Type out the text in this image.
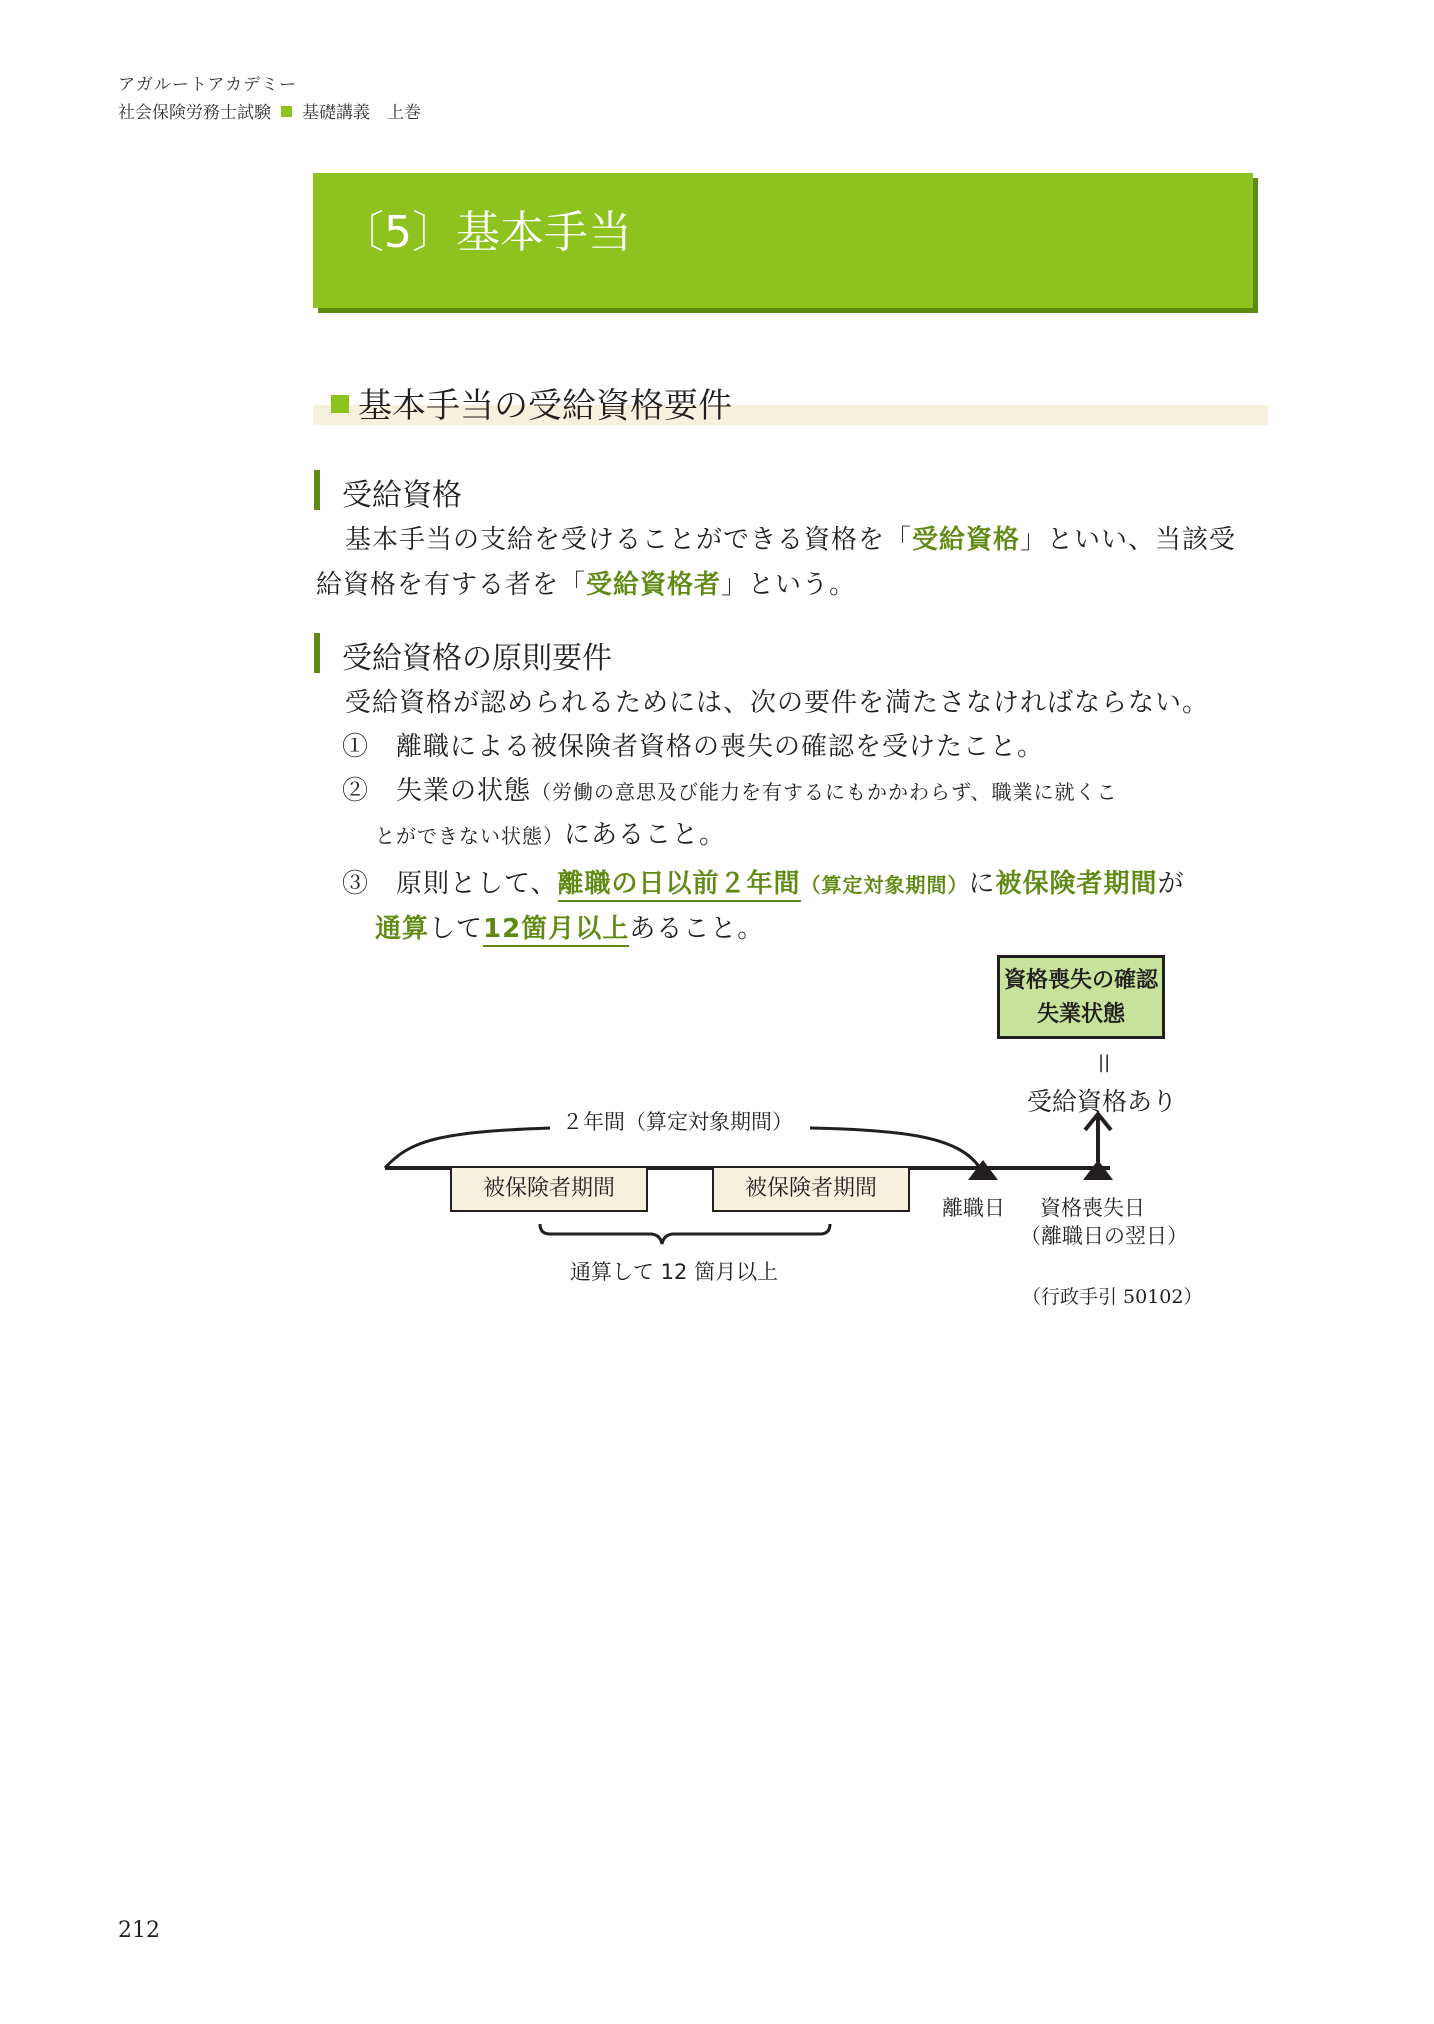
アガルートアカデミー
社会保険労務士試験 基礎講義　上巻
〔5〕基本手当
基本手当の受給資格要件
受給資格
基本手当の支給を受けることができる資格を「受給資格」といい、当該受
給資格を有する者を「受給資格者」という。
受給資格の原則要件
受給資格が認められるためには、次の要件を満たさなければならない。
①　 離職による被保険者資格の喪失の確認を受けたこと。
②　 失業の状態（労働の意思及び能力を有するにもかかわらず、職業に就くこ
とができない状態）にあること。
③　 原則として、離職の日以前２年間（算定対象期間）に被保険者期間が
通算して12箇月以上あること。
資格喪失の確認
失業状態
||
受給資格あり
２年間（算定対象期間）
被保険者期間	被保険者期間
離職日 資格喪失日
（離職日の翌日）
通算して 12 箇月以上
（行政手引 50102）
212
